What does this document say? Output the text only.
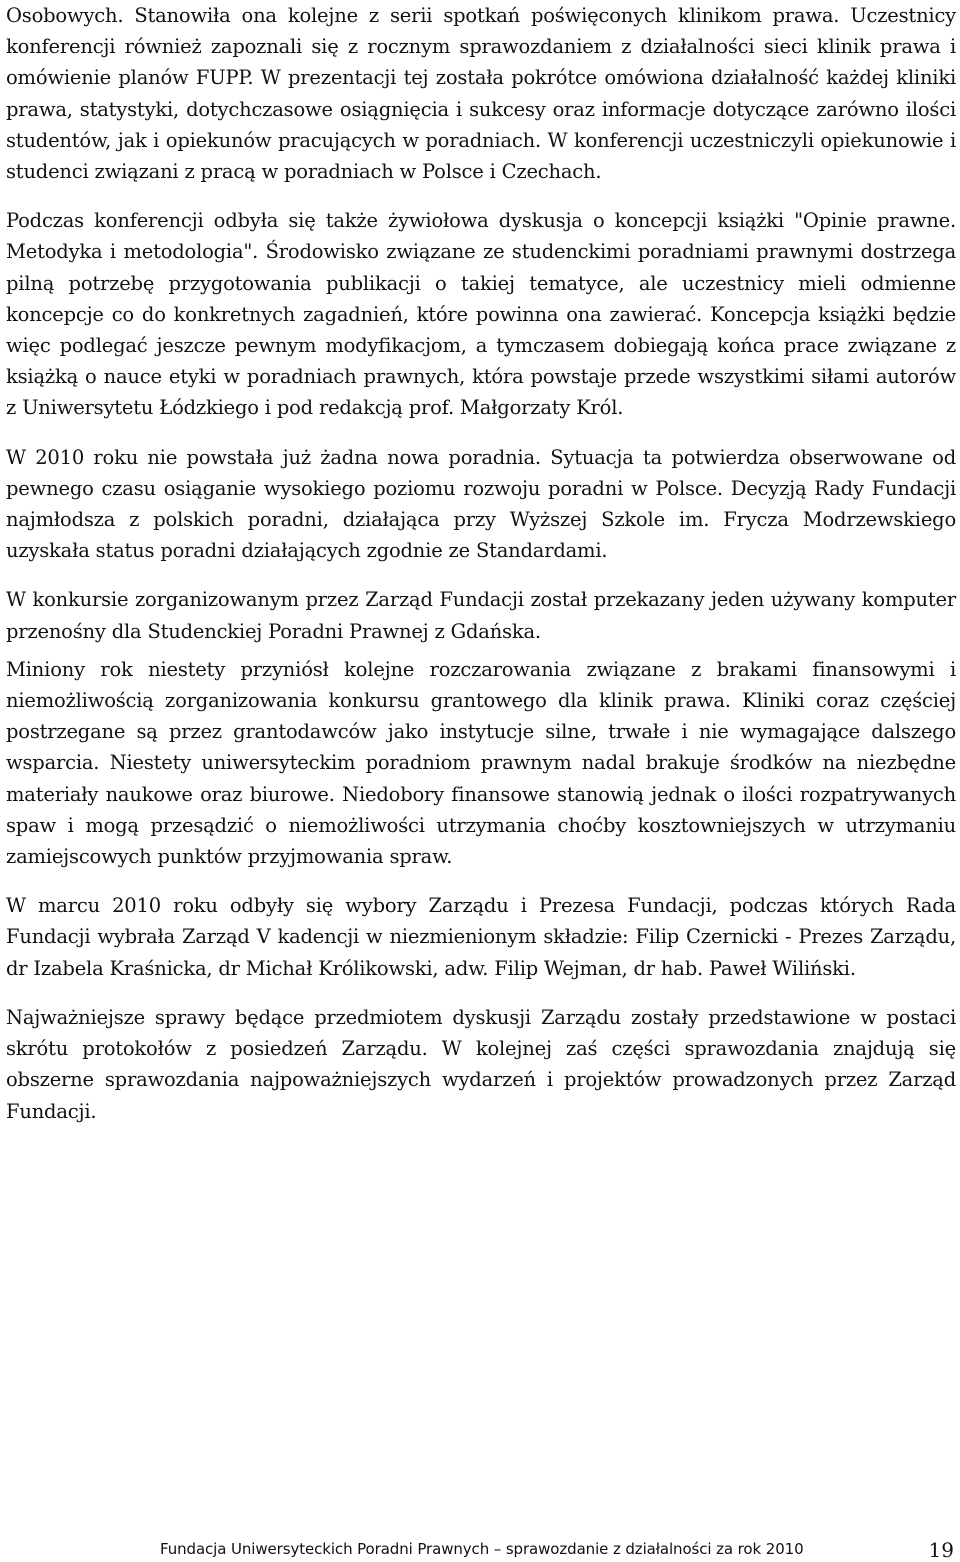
Osobowych. Stanowiła ona kolejne z serii spotkań poświęconych klinikom prawa. Uczestnicy konferencji również zapoznali się z rocznym sprawozdaniem z działalności sieci klinik prawa i omówienie planów FUPP. W prezentacji tej została pokrótce omówiona działalność każdej kliniki prawa, statystyki, dotychczasowe osiągnięcia i sukcesy oraz informacje dotyczące zarówno ilości studentów, jak i opiekunów pracujących w poradniach. W konferencji uczestniczyli opiekunowie i studenci związani z pracą w poradniach w Polsce i Czechach.

Podczas konferencji odbyła się także żywiołowa dyskusja o koncepcji książki "Opinie prawne. Metodyka i metodologia". Środowisko związane ze studenckimi poradniami prawnymi dostrzega pilną potrzebę przygotowania publikacji o takiej tematyce, ale uczestnicy mieli odmienne koncepcje co do konkretnych zagadnień, które powinna ona zawierać. Koncepcja książki będzie więc podlegać jeszcze pewnym modyfikacjom, a tymczasem dobiegają końca prace związane z książką o nauce etyki w poradniach prawnych, która powstaje przede wszystkimi siłami autorów z Uniwersytetu Łódzkiego i pod redakcją prof. Małgorzaty Król.

W 2010 roku nie powstała już żadna nowa poradnia. Sytuacja ta potwierdza obserwowane od pewnego czasu osiąganie wysokiego poziomu rozwoju poradni w Polsce. Decyzją Rady Fundacji najmłodsza z polskich poradni, działająca przy Wyższej Szkole im. Frycza Modrzewskiego uzyskała status poradni działających zgodnie ze Standardami.

W konkursie zorganizowanym przez Zarząd Fundacji został przekazany jeden używany komputer przenośny dla Studenckiej Poradni Prawnej z Gdańska.

Miniony rok niestety przyniósł kolejne rozczarowania związane z brakami finansowymi i niemożliwością zorganizowania konkursu grantowego dla klinik prawa. Kliniki coraz częściej postrzegane są przez grantodawców jako instytucje silne, trwałe i nie wymagające dalszego wsparcia. Niestety uniwersyteckim poradniom prawnym nadal brakuje środków na niezbędne materiały naukowe oraz biurowe. Niedobory finansowe stanowią jednak o ilości rozpatrywanych spaw i mogą przesądzić o niemożliwości utrzymania choćby kosztowniejszych w utrzymaniu zamiejscowych punktów przyjmowania spraw.

W marcu 2010 roku odbyły się wybory Zarządu i Prezesa Fundacji, podczas których Rada Fundacji wybrała Zarząd V kadencji w niezmienionym składzie: Filip Czernicki - Prezes Zarządu, dr Izabela Kraśnicka, dr Michał Królikowski, adw. Filip Wejman, dr hab. Paweł Wiliński.

Najważniejsze sprawy będące przedmiotem dyskusji Zarządu zostały przedstawione w postaci skrótu protokołów z posiedzeń Zarządu. W kolejnej zaś części sprawozdania znajdują się obszerne sprawozdania najpoważniejszych wydarzeń i projektów prowadzonych przez Zarząd Fundacji.

Fundacja Uniwersyteckich Poradni Prawnych – sprawozdanie z działalności za rok 2010	19
